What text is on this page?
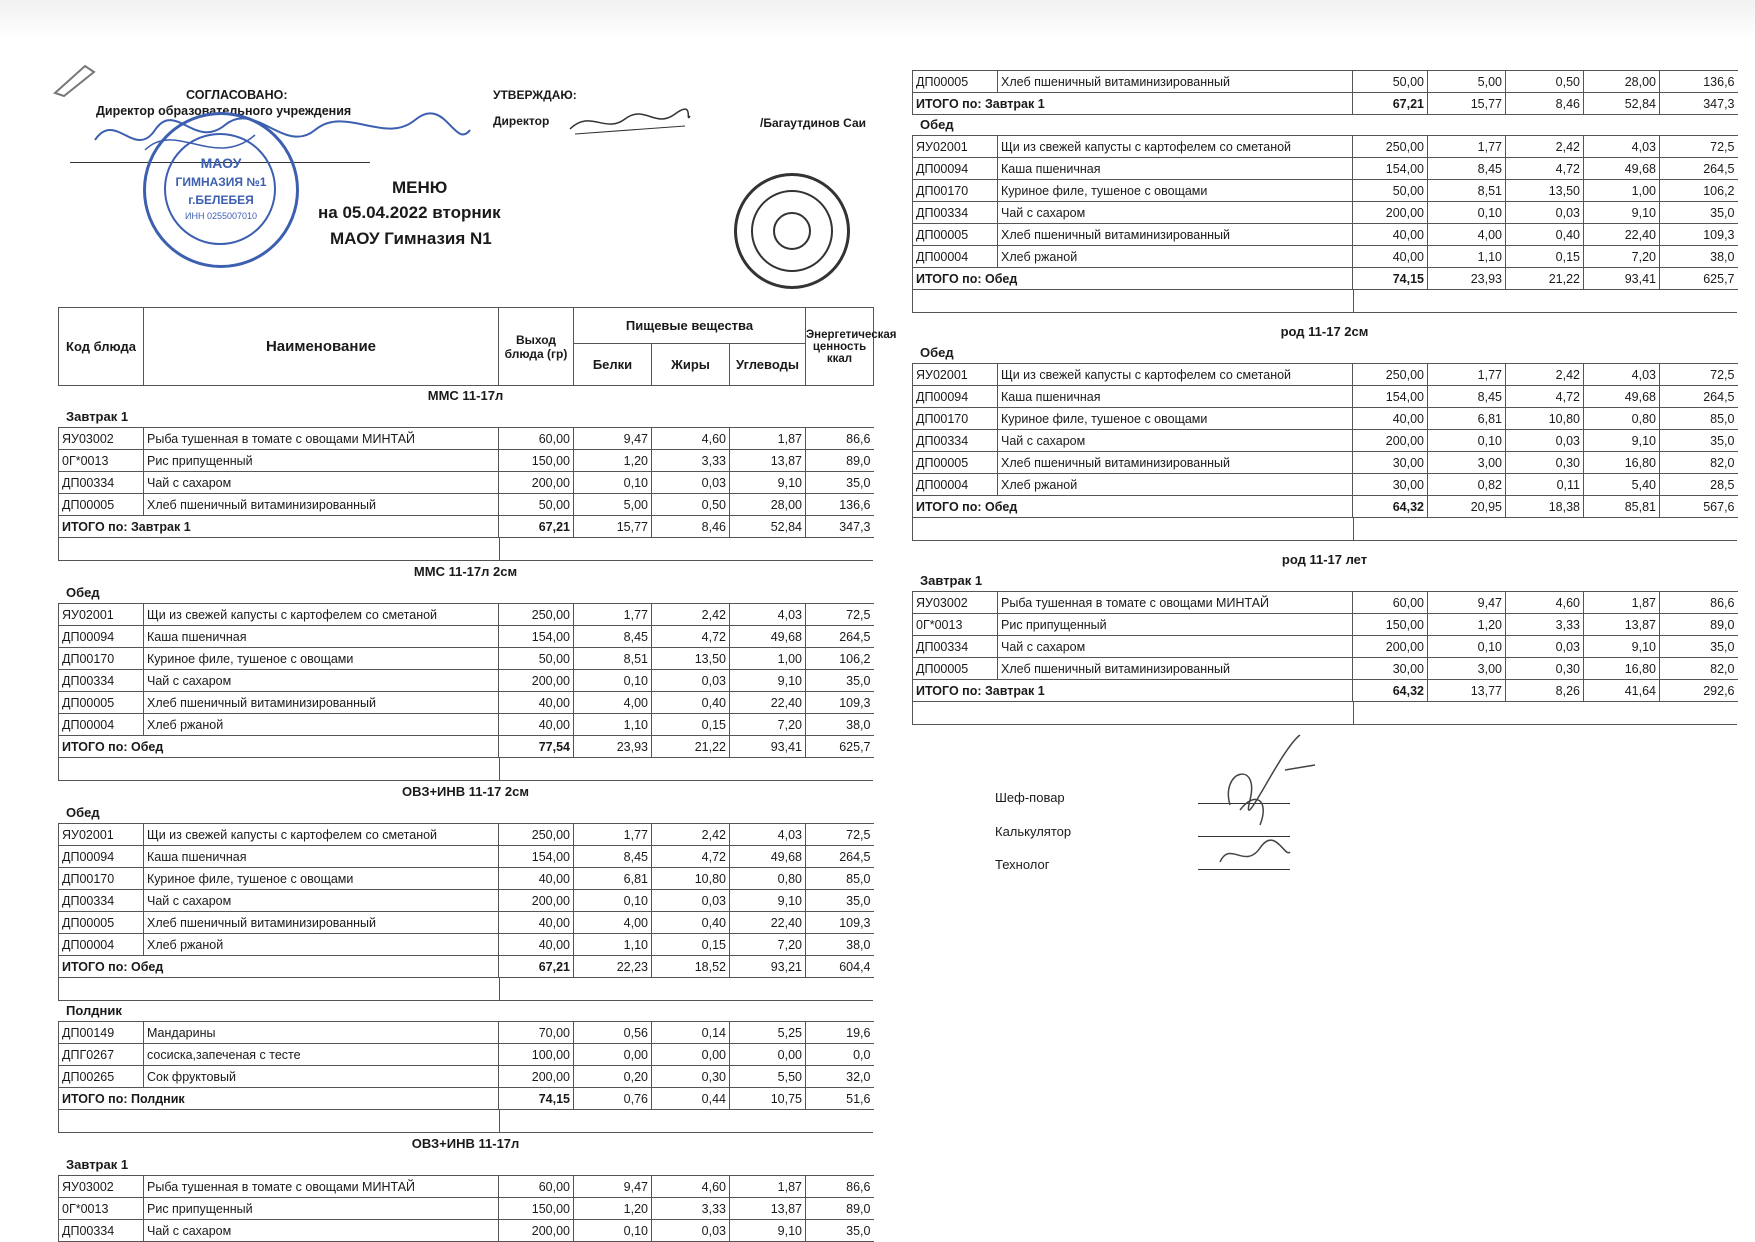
СОГЛАСОВАНО:
Директор образовательного учреждения
УТВЕРЖДАЮ:
Директор	/Багаутдинов Саи
МЕНЮ
на 05.04.2022 вторник
МАОУ Гимназия N1
МАОУ
ГИМНАЗИЯ №1
г.БЕЛЕБЕЯ
ИНН 0255007010
Код блюда	Наименование	Выход блюда (гр)	Пищевые вещества			Энергетическая ценность ккал
			Белки	Жиры	Углеводы	
ММС 11-17л
Завтрак 1
ЯУ03002	Рыба тушенная в томате с овощами МИНТАЙ	60,00	9,47	4,60	1,87	86,6
0Г*0013	Рис припущенный	150,00	1,20	3,33	13,87	89,0
ДП00334	Чай с сахаром	200,00	0,10	0,03	9,10	35,0
ДП00005	Хлеб пшеничный витаминизированный	50,00	5,00	0,50	28,00	136,6
ИТОГО по: Завтрак 1		67,21	15,77	8,46	52,84	347,3
ММС 11-17л 2см
Обед
ЯУ02001	Щи из свежей капусты с картофелем со сметаной	250,00	1,77	2,42	4,03	72,5
ДП00094	Каша пшеничная	154,00	8,45	4,72	49,68	264,5
ДП00170	Куриное филе, тушеное с овощами	50,00	8,51	13,50	1,00	106,2
ДП00334	Чай с сахаром	200,00	0,10	0,03	9,10	35,0
ДП00005	Хлеб пшеничный витаминизированный	40,00	4,00	0,40	22,40	109,3
ДП00004	Хлеб ржаной	40,00	1,10	0,15	7,20	38,0
ИТОГО по: Обед		77,54	23,93	21,22	93,41	625,7
ОВЗ+ИНВ 11-17 2см
Обед
ЯУ02001	Щи из свежей капусты с картофелем со сметаной	250,00	1,77	2,42	4,03	72,5
ДП00094	Каша пшеничная	154,00	8,45	4,72	49,68	264,5
ДП00170	Куриное филе, тушеное с овощами	40,00	6,81	10,80	0,80	85,0
ДП00334	Чай с сахаром	200,00	0,10	0,03	9,10	35,0
ДП00005	Хлеб пшеничный витаминизированный	40,00	4,00	0,40	22,40	109,3
ДП00004	Хлеб ржаной	40,00	1,10	0,15	7,20	38,0
ИТОГО по: Обед		67,21	22,23	18,52	93,21	604,4
Полдник
ДП00149	Мандарины	70,00	0,56	0,14	5,25	19,6
ДПГ0267	сосиска,запеченая с тесте	100,00	0,00	0,00	0,00	0,0
ДП00265	Сок фруктовый	200,00	0,20	0,30	5,50	32,0
ИТОГО по: Полдник		74,15	0,76	0,44	10,75	51,6
ОВЗ+ИНВ 11-17л
Завтрак 1
ЯУ03002	Рыба тушенная в томате с овощами МИНТАЙ	60,00	9,47	4,60	1,87	86,6
0Г*0013	Рис припущенный	150,00	1,20	3,33	13,87	89,0
ДП00334	Чай с сахаром	200,00	0,10	0,03	9,10	35,0
ДП00005	Хлеб пшеничный витаминизированный	50,00	5,00	0,50	28,00	136,6
ИТОГО по: Завтрак 1		67,21	15,77	8,46	52,84	347,3
Обед
ЯУ02001	Щи из свежей капусты с картофелем со сметаной	250,00	1,77	2,42	4,03	72,5
ДП00094	Каша пшеничная	154,00	8,45	4,72	49,68	264,5
ДП00170	Куриное филе, тушеное с овощами	50,00	8,51	13,50	1,00	106,2
ДП00334	Чай с сахаром	200,00	0,10	0,03	9,10	35,0
ДП00005	Хлеб пшеничный витаминизированный	40,00	4,00	0,40	22,40	109,3
ДП00004	Хлеб ржаной	40,00	1,10	0,15	7,20	38,0
ИТОГО по: Обед		74,15	23,93	21,22	93,41	625,7
род 11-17 2см
Обед
ЯУ02001	Щи из свежей капусты с картофелем со сметаной	250,00	1,77	2,42	4,03	72,5
ДП00094	Каша пшеничная	154,00	8,45	4,72	49,68	264,5
ДП00170	Куриное филе, тушеное с овощами	40,00	6,81	10,80	0,80	85,0
ДП00334	Чай с сахаром	200,00	0,10	0,03	9,10	35,0
ДП00005	Хлеб пшеничный витаминизированный	30,00	3,00	0,30	16,80	82,0
ДП00004	Хлеб ржаной	30,00	0,82	0,11	5,40	28,5
ИТОГО по: Обед		64,32	20,95	18,38	85,81	567,6
род 11-17 лет
Завтрак 1
ЯУ03002	Рыба тушенная в томате с овощами МИНТАЙ	60,00	9,47	4,60	1,87	86,6
0Г*0013	Рис припущенный	150,00	1,20	3,33	13,87	89,0
ДП00334	Чай с сахаром	200,00	0,10	0,03	9,10	35,0
ДП00005	Хлеб пшеничный витаминизированный	30,00	3,00	0,30	16,80	82,0
ИТОГО по: Завтрак 1		64,32	13,77	8,26	41,64	292,6
Шеф-повар
Калькулятор
Технолог
